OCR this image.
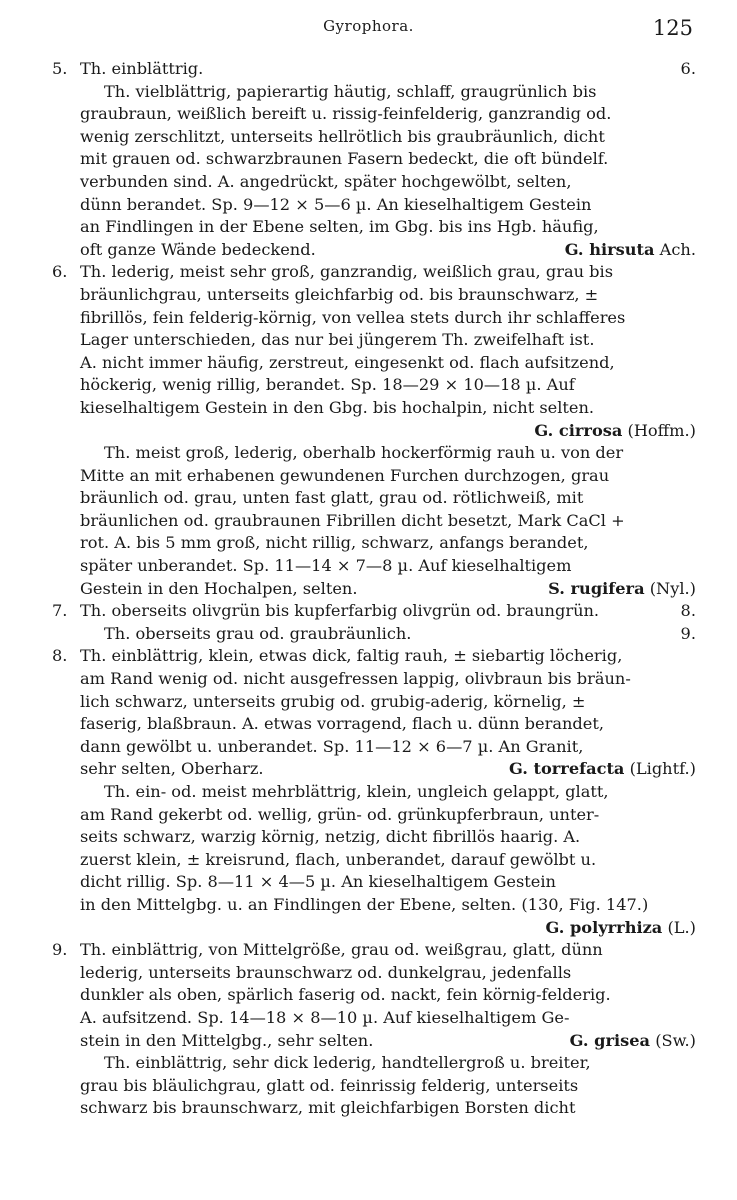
Gyrophora.	125
5. Th. einblättrig.	6.
Th. vielblättrig, papierartig häutig, schlaff, graugrünlich bis
graubraun, weißlich bereift u. rissig-feinfelderig, ganzrandig od.
wenig zerschlitzt, unterseits hellrötlich bis graubräunlich, dicht
mit grauen od. schwarzbraunen Fasern bedeckt, die oft bündelf.
verbunden sind. A. angedrückt, später hochgewölbt, selten,
dünn berandet. Sp. 9—12 × 5—6 µ. An kieselhaltigem Gestein
an Findlingen in der Ebene selten, im Gbg. bis ins Hgb. häufig,
oft ganze Wände bedeckend.	G. hirsuta Ach.
6. Th. lederig, meist sehr groß, ganzrandig, weißlich grau, grau bis
bräunlichgrau, unterseits gleichfarbig od. bis braunschwarz, ±
fibrillös, fein felderig-körnig, von vellea stets durch ihr schlafferes
Lager unterschieden, das nur bei jüngerem Th. zweifelhaft ist.
A. nicht immer häufig, zerstreut, eingesenkt od. flach aufsitzend,
höckerig, wenig rillig, berandet. Sp. 18—29 × 10—18 µ. Auf
kieselhaltigem Gestein in den Gbg. bis hochalpin, nicht selten.
G. cirrosa (Hoffm.)
Th. meist groß, lederig, oberhalb hockerförmig rauh u. von der
Mitte an mit erhabenen gewundenen Furchen durchzogen, grau
bräunlich od. grau, unten fast glatt, grau od. rötlichweiß, mit
bräunlichen od. graubraunen Fibrillen dicht besetzt, Mark CaCl +
rot. A. bis 5 mm groß, nicht rillig, schwarz, anfangs berandet,
später unberandet. Sp. 11—14 × 7—8 µ. Auf kieselhaltigem
Gestein in den Hochalpen, selten.	S. rugifera (Nyl.)
7. Th. oberseits olivgrün bis kupferfarbig olivgrün od. braungrün.	8.
Th. oberseits grau od. graubräunlich.	9.
8. Th. einblättrig, klein, etwas dick, faltig rauh, ± siebartig löcherig,
am Rand wenig od. nicht ausgefressen lappig, olivbraun bis bräun-
lich schwarz, unterseits grubig od. grubig-aderig, körnelig, ±
faserig, blaßbraun. A. etwas vorragend, flach u. dünn berandet,
dann gewölbt u. unberandet. Sp. 11—12 × 6—7 µ. An Granit,
sehr selten, Oberharz.	G. torrefacta (Lightf.)
Th. ein- od. meist mehrblättrig, klein, ungleich gelappt, glatt,
am Rand gekerbt od. wellig, grün- od. grünkupferbraun, unter-
seits schwarz, warzig körnig, netzig, dicht fibrillös haarig. A.
zuerst klein, ± kreisrund, flach, unberandet, darauf gewölbt u.
dicht rillig. Sp. 8—11 × 4—5 µ. An kieselhaltigem Gestein
in den Mittelgbg. u. an Findlingen der Ebene, selten. (130, Fig. 147.)
G. polyrrhiza (L.)
9. Th. einblättrig, von Mittelgröße, grau od. weißgrau, glatt, dünn
lederig, unterseits braunschwarz od. dunkelgrau, jedenfalls
dunkler als oben, spärlich faserig od. nackt, fein körnig-felderig.
A. aufsitzend. Sp. 14—18 × 8—10 µ. Auf kieselhaltigem Ge-
stein in den Mittelgbg., sehr selten.	G. grisea (Sw.)
Th. einblättrig, sehr dick lederig, handtellergroß u. breiter,
grau bis bläulichgrau, glatt od. feinrissig felderig, unterseits
schwarz bis braunschwarz, mit gleichfarbigen Borsten dicht
